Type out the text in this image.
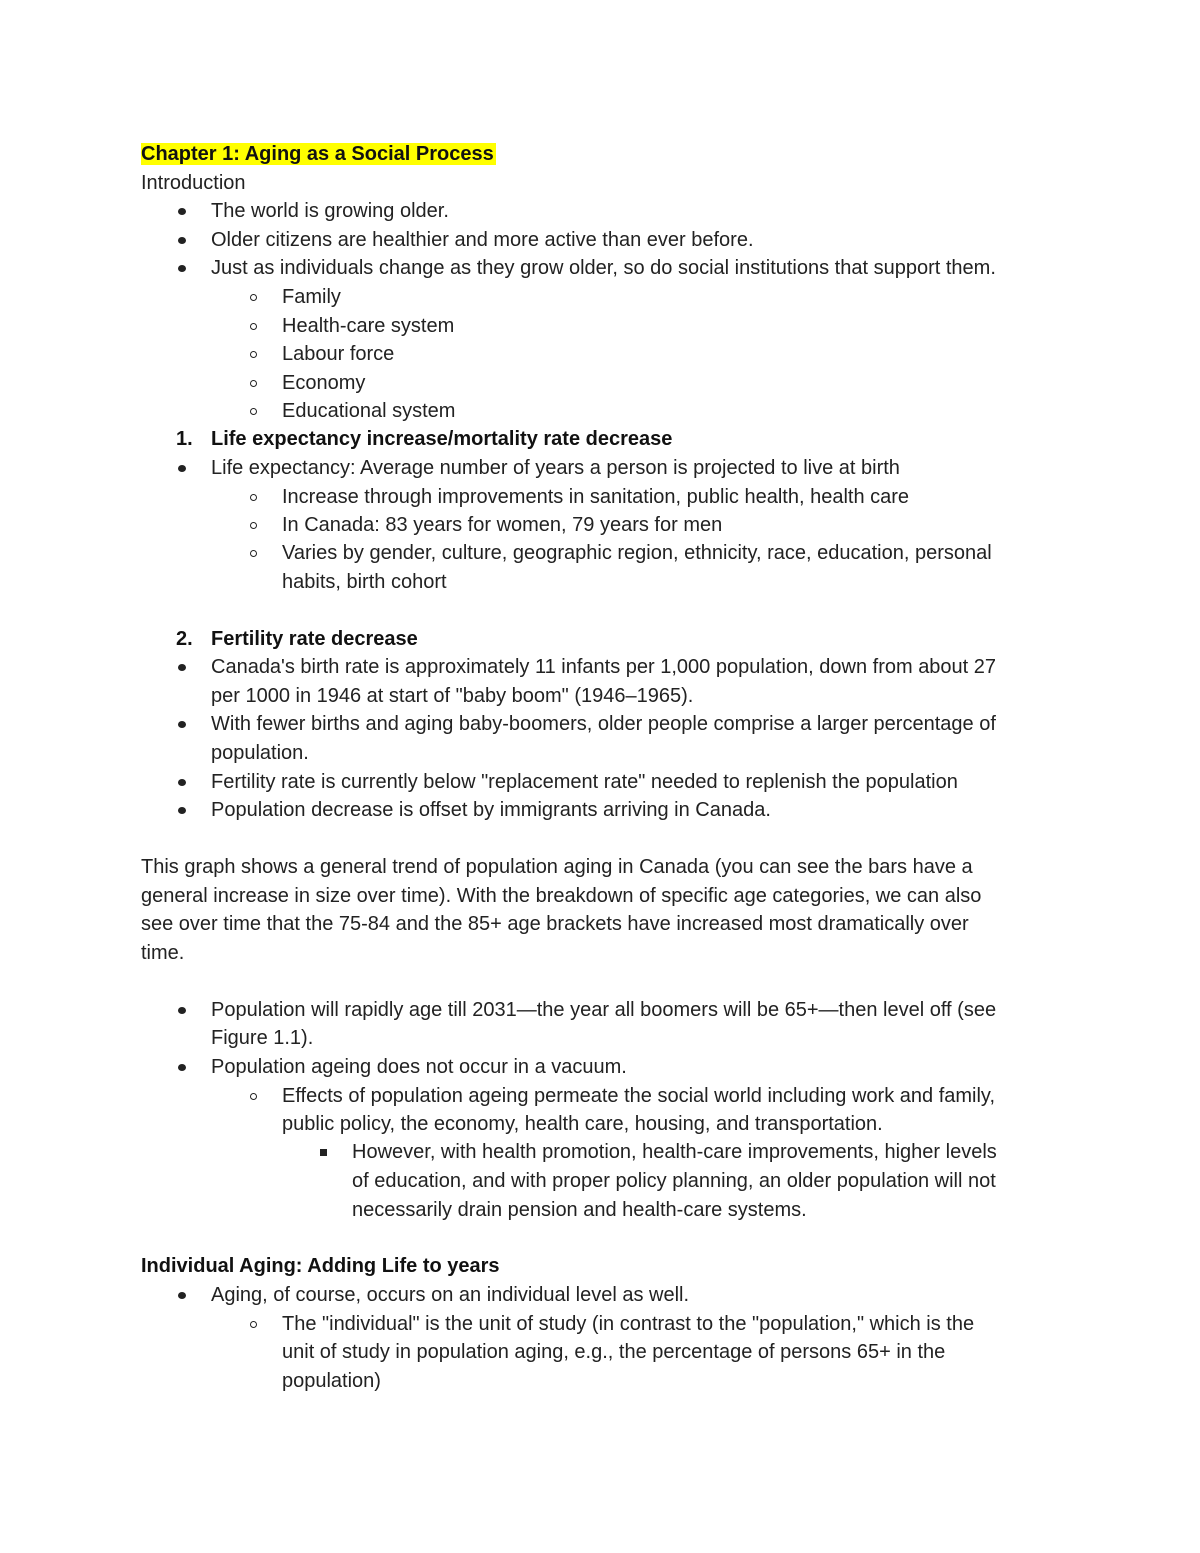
Chapter 1: Aging as a Social Process
Introduction
The world is growing older.
Older citizens are healthier and more active than ever before.
Just as individuals change as they grow older, so do social institutions that support them.
Family
Health-care system
Labour force
Economy
Educational system
1. Life expectancy increase/mortality rate decrease
Life expectancy: Average number of years a person is projected to live at birth
Increase through improvements in sanitation, public health, health care
In Canada: 83 years for women, 79 years for men
Varies by gender, culture, geographic region, ethnicity, race, education, personal
habits, birth cohort
2. Fertility rate decrease
Canada's birth rate is approximately 11 infants per 1,000 population, down from about 27
per 1000 in 1946 at start of "baby boom" (1946–1965).
With fewer births and aging baby-boomers, older people comprise a larger percentage of
population.
Fertility rate is currently below "replacement rate" needed to replenish the population
Population decrease is offset by immigrants arriving in Canada.
This graph shows a general trend of population aging in Canada (you can see the bars have a
general increase in size over time). With the breakdown of specific age categories, we can also
see over time that the 75-84 and the 85+ age brackets have increased most dramatically over
time.
Population will rapidly age till 2031—the year all boomers will be 65+—then level off (see
Figure 1.1).
Population ageing does not occur in a vacuum.
Effects of population ageing permeate the social world including work and family,
public policy, the economy, health care, housing, and transportation.
However, with health promotion, health-care improvements, higher levels
of education, and with proper policy planning, an older population will not
necessarily drain pension and health-care systems.
Individual Aging: Adding Life to years
Aging, of course, occurs on an individual level as well.
The "individual" is the unit of study (in contrast to the "population," which is the
unit of study in population aging, e.g., the percentage of persons 65+ in the
population)
